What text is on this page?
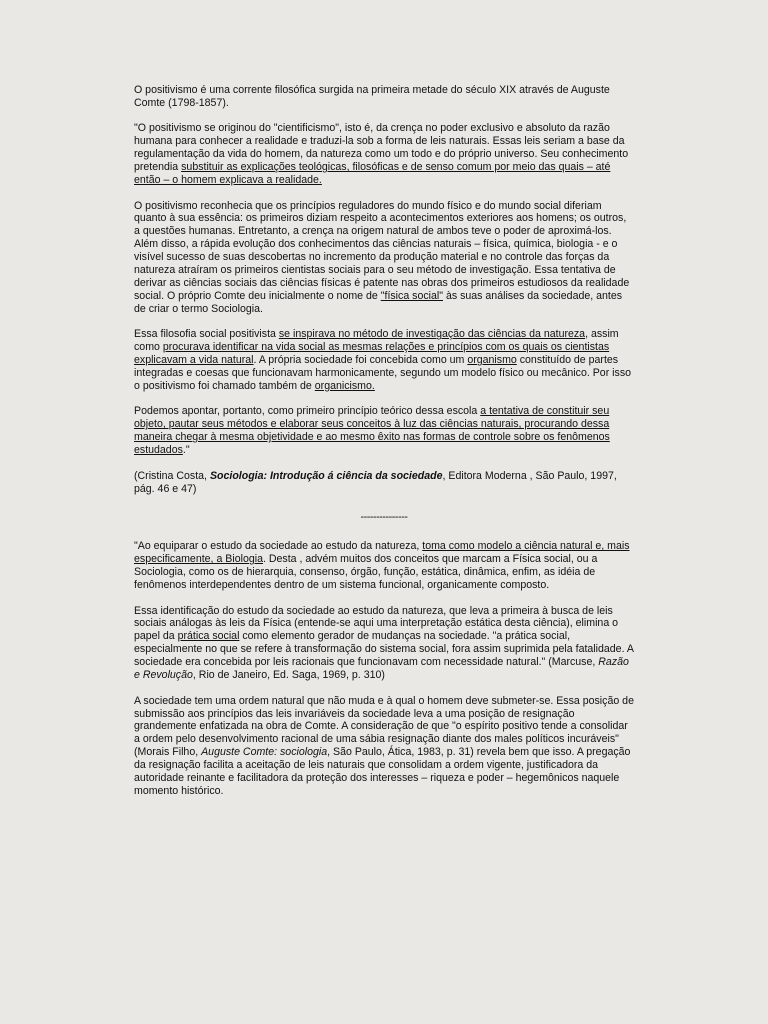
O positivismo é uma corrente filosófica surgida na primeira metade do século XIX através de Auguste Comte (1798-1857).

"O positivismo se originou do "cientificismo", isto é, da crença no poder exclusivo e absoluto da razão humana para conhecer a realidade e traduzi-la sob a forma de leis naturais. Essas leis seriam a base da regulamentação da vida do homem, da natureza como um todo e do próprio universo. Seu conhecimento pretendia substituir as explicações teológicas, filosóficas e de senso comum por meio das quais – até então – o homem explicava a realidade.

O positivismo reconhecia que os princípios reguladores do mundo físico e do mundo social diferiam quanto à sua essência: os primeiros diziam respeito a acontecimentos exteriores aos homens; os outros, a questões humanas. Entretanto, a crença na origem natural de ambos teve o poder de aproximá-los. Além disso, a rápida evolução dos conhecimentos das ciências naturais – física, química, biologia - e o visível sucesso de suas descobertas no incremento da produção material e no controle das forças da natureza atraíram os primeiros cientistas sociais para o seu método de investigação. Essa tentativa de derivar as ciências sociais das ciências físicas é patente nas obras dos primeiros estudiosos da realidade social. O próprio Comte deu inicialmente o nome de "física social" às suas análises da sociedade, antes de criar o termo Sociologia.

Essa filosofia social positivista se inspirava no método de investigação das ciências da natureza, assim como procurava identificar na vida social as mesmas relações e princípios com os quais os cientistas explicavam a vida natural. A própria sociedade foi concebida como um organismo constituído de partes integradas e coesas que funcionavam harmonicamente, segundo um modelo físico ou mecânico. Por isso o positivismo foi chamado também de organicismo.

Podemos apontar, portanto, como primeiro princípio teórico dessa escola a tentativa de constituir seu objeto, pautar seus métodos e elaborar seus conceitos à luz das ciências naturais, procurando dessa maneira chegar à mesma objetividade e ao mesmo êxito nas formas de controle sobre os fenômenos estudados."

(Cristina Costa, Sociologia: Introdução á ciência da sociedade, Editora Moderna , São Paulo, 1997, pág. 46 e 47)

---------------

"Ao equiparar o estudo da sociedade ao estudo da natureza, toma como modelo a ciência natural e, mais especificamente, a Biologia. Desta , advém muitos dos conceitos que marcam a Física social, ou a Sociologia, como os de hierarquia, consenso, órgão, função, estática, dinâmica, enfim, as idéia de fenômenos interdependentes dentro de um sistema funcional, organicamente composto.

Essa identificação do estudo da sociedade ao estudo da natureza, que leva a primeira à busca de leis sociais análogas às leis da Física (entende-se aqui uma interpretação estática desta ciência), elimina o papel da prática social como elemento gerador de mudanças na sociedade. "a prática social, especialmente no que se refere à transformação do sistema social, fora assim suprimida pela fatalidade. A sociedade era concebida por leis racionais que funcionavam com necessidade natural." (Marcuse, Razão e Revolução, Rio de Janeiro, Ed. Saga, 1969, p. 310)

A sociedade tem uma ordem natural que não muda e à qual o homem deve submeter-se. Essa posição de submissão aos princípios das leis invariáveis da sociedade leva a uma posição de resignação grandemente enfatizada na obra de Comte. A consideração de que "o espírito positivo tende a consolidar a ordem pelo desenvolvimento racional de uma sábia resignação diante dos males políticos incuráveis" (Morais Filho, Auguste Comte: sociologia, São Paulo, Ática, 1983, p. 31) revela bem que isso. A pregação da resignação facilita a aceitação de leis naturais que consolidam a ordem vigente, justificadora da autoridade reinante e facilitadora da proteção dos interesses – riqueza e poder – hegemônicos naquele momento histórico.
